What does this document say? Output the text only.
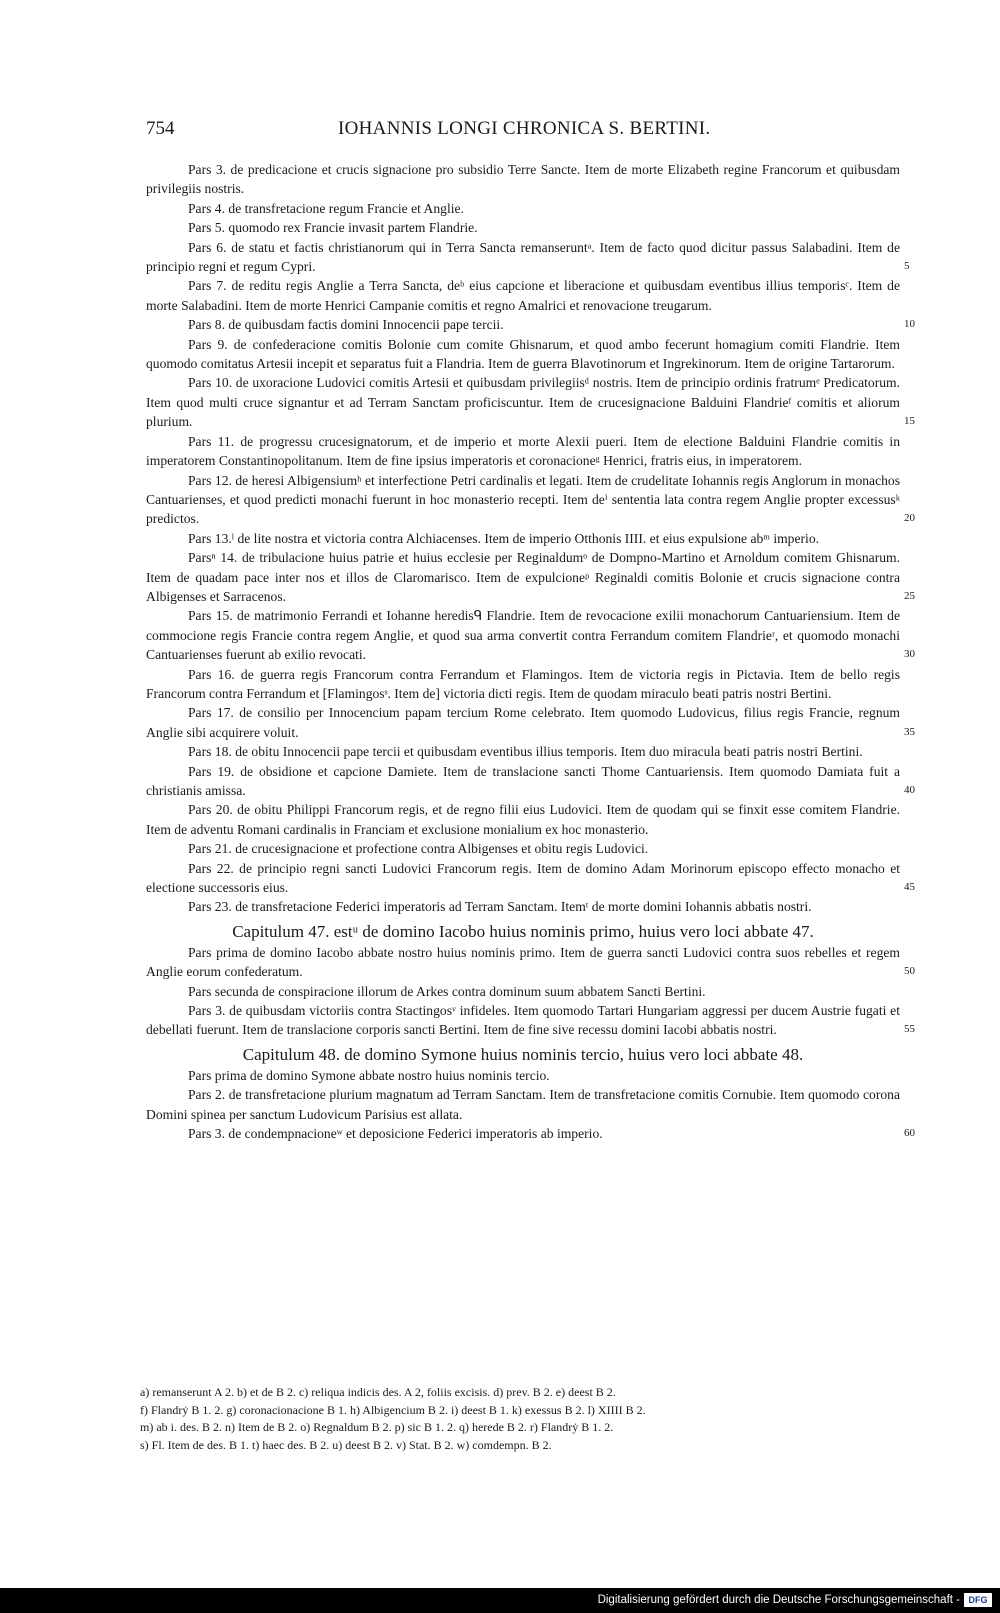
754	IOHANNIS LONGI CHRONICA S. BERTINI.

Pars 3. de predicacione et crucis signacione pro subsidio Terre Sancte. Item de morte Elizabeth regine Francorum et quibusdam privilegiis nostris.

Pars 4. de transfretacione regum Francie et Anglie.

Pars 5. quomodo rex Francie invasit partem Flandrie.

Pars 6. de statu et factis christianorum qui in Terra Sancta remanseruntᵃ. Item de facto quod dicitur passus Salabadini. Item de principio regni et regum Cypri.	5

Pars 7. de reditu regis Anglie a Terra Sancta, deᵇ eius capcione et liberacione et quibusdam eventibus illius temporisᶜ. Item de morte Salabadini. Item de morte Henrici Campanie comitis et regno Amalrici et renovacione treugarum.

Pars 8. de quibusdam factis domini Innocencii pape tercii.	10

Pars 9. de confederacione comitis Bolonie cum comite Ghisnarum, et quod ambo fecerunt homagium comiti Flandrie. Item quomodo comitatus Artesii incepit et separatus fuit a Flandria. Item de guerra Blavotinorum et Ingrekinorum. Item de origine Tartarorum.

Pars 10. de uxoracione Ludovici comitis Artesii et quibusdam privilegiisᵈ nostris. Item de principio ordinis fratrumᵉ Predicatorum. Item quod multi cruce signantur et ad Terram Sanctam proficiscuntur. Item de crucesignacione Balduini Flandrieᶠ comitis et aliorum plurium.	15

Pars 11. de progressu crucesignatorum, et de imperio et morte Alexii pueri. Item de electione Balduini Flandrie comitis in imperatorem Constantinopolitanum. Item de fine ipsius imperatoris et coronacioneᵍ Henrici, fratris eius, in imperatorem.

Pars 12. de heresi Albigensiumʰ et interfectione Petri cardinalis et legati. Item de crudelitate Iohannis regis Anglorum in monachos Cantuarienses, et quod predicti monachi fuerunt in hoc monasterio recepti. Item deⁱ sententia lata contra regem Anglie propter excessusᵏ predictos.	20

Pars 13.ˡ de lite nostra et victoria contra Alchiacenses. Item de imperio Otthonis IIII. et eius expulsione abᵐ imperio.

Parsⁿ 14. de tribulacione huius patrie et huius ecclesie per Reginaldumᵒ de Dompno-Martino et Arnoldum comitem Ghisnarum. Item de quadam pace inter nos et illos de Claromarisco. Item de expulcioneᵖ Reginaldi comitis Bolonie et crucis signacione contra Albigenses et Sarracenos.	25

Pars 15. de matrimonio Ferrandi et Iohanne heredisᑫ Flandrie. Item de revocacione exilii monachorum Cantuariensium. Item de commocione regis Francie contra regem Anglie, et quod sua arma convertit contra Ferrandum comitem Flandrieʳ, et quomodo monachi Cantuarienses fuerunt ab exilio revocati.	30

Pars 16. de guerra regis Francorum contra Ferrandum et Flamingos. Item de victoria regis in Pictavia. Item de bello regis Francorum contra Ferrandum et [Flamingosˢ. Item de] victoria dicti regis. Item de quodam miraculo beati patris nostri Bertini.

Pars 17. de consilio per Innocencium papam tercium Rome celebrato. Item quomodo Ludovicus, filius regis Francie, regnum Anglie sibi acquirere voluit.	35

Pars 18. de obitu Innocencii pape tercii et quibusdam eventibus illius temporis. Item duo miracula beati patris nostri Bertini.

Pars 19. de obsidione et capcione Damiete. Item de translacione sancti Thome Cantuariensis. Item quomodo Damiata fuit a christianis amissa.	40

Pars 20. de obitu Philippi Francorum regis, et de regno filii eius Ludovici. Item de quodam qui se finxit esse comitem Flandrie. Item de adventu Romani cardinalis in Franciam et exclusione monialium ex hoc monasterio.

Pars 21. de crucesignacione et profectione contra Albigenses et obitu regis Ludovici.

Pars 22. de principio regni sancti Ludovici Francorum regis. Item de domino Adam Morinorum episcopo effecto monacho et electione successoris eius.	45

Pars 23. de transfretacione Federici imperatoris ad Terram Sanctam. Itemᵗ de morte domini Iohannis abbatis nostri.

Capitulum 47. estᵘ de domino Iacobo huius nominis primo, huius vero loci abbate 47.

Pars prima de domino Iacobo abbate nostro huius nominis primo. Item de guerra sancti Ludovici contra suos rebelles et regem Anglie eorum confederatum.	50

Pars secunda de conspiracione illorum de Arkes contra dominum suum abbatem Sancti Bertini.

Pars 3. de quibusdam victoriis contra Stactingosᵛ infideles. Item quomodo Tartari Hungariam aggressi per ducem Austrie fugati et debellati fuerunt. Item de translacione corporis sancti Bertini. Item de fine sive recessu domini Iacobi abbatis nostri.	55

Capitulum 48. de domino Symone huius nominis tercio, huius vero loci abbate 48.

Pars prima de domino Symone abbate nostro huius nominis tercio.

Pars 2. de transfretacione plurium magnatum ad Terram Sanctam. Item de transfretacione comitis Cornubie. Item quomodo corona Domini spinea per sanctum Ludovicum Parisius est allata.

Pars 3. de condempnacioneʷ et deposicione Federici imperatoris ab imperio.	60

a) remanserunt A 2. b) et de B 2. c) reliqua indicis des. A 2, foliis excisis. d) prev. B 2. e) deest B 2.
f) Flandrẏ B 1. 2. g) coronacionacione B 1. h) Albigencium B 2. i) deest B 1. k) exessus B 2. l) XIIII B 2.
m) ab i. des. B 2. n) Item de B 2. o) Regnaldum B 2. p) sic B 1. 2. q) herede B 2. r) Flandrẏ B 1. 2.
s) Fl. Item de des. B 1. t) haec des. B 2. u) deest B 2. v) Stat. B 2. w) comdempn. B 2.
Digitalisierung gefördert durch die Deutsche Forschungsgemeinschaft - DFG
